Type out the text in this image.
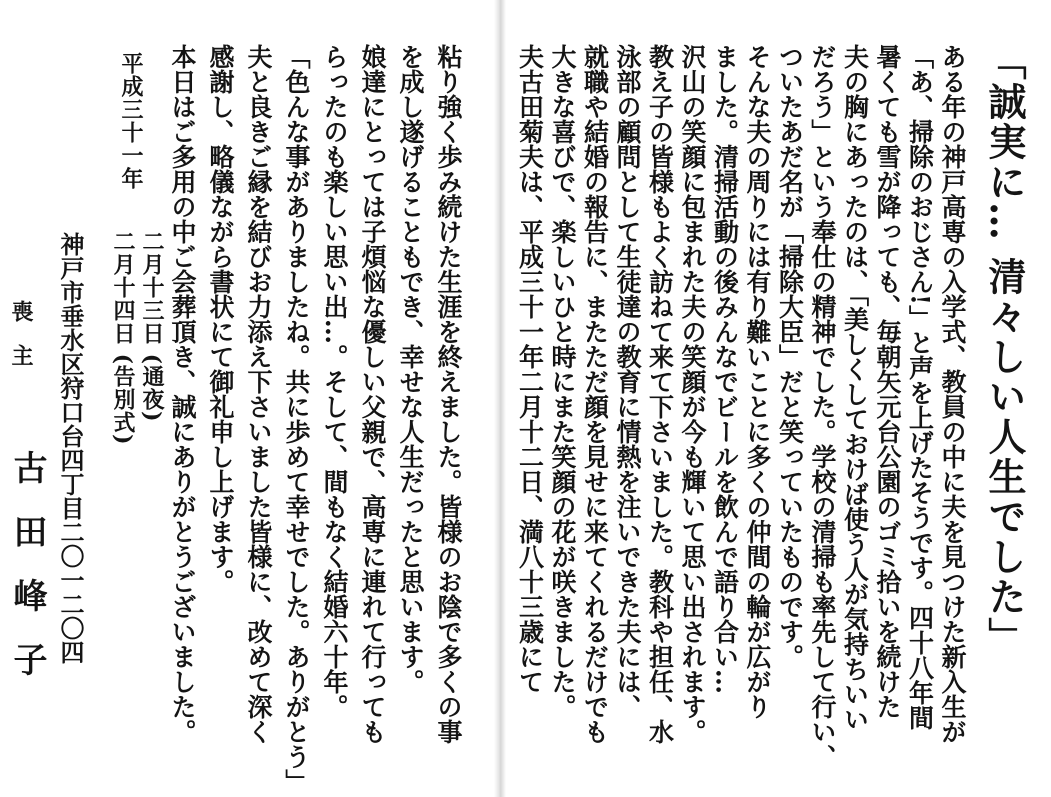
「誠実に… 清々しい人生でした」
粘り強く歩み続けた生涯を終えました。皆様のお陰で多くの事
を成し遂げることもでき、幸せな人生だったと思います。
娘達にとっては子煩悩な優しい父親で、高専に連れて行っても
らったのも楽しい思い出…。そして、間もなく結婚六十年。
「色んな事がありましたね。共に歩めて幸せでした。ありがとう」
夫と良きご縁を結びお力添え下さいました皆様に、改めて深く
感謝し、略儀ながら書状にて御礼申し上げます。
本日はご多用の中ご会葬頂き、誠にありがとうございました。	ある年の神戸高専の入学式、教員の中に夫を見つけた新入生が
「あ、掃除のおじさん!」と声を上げたそうです。四十八年間
暑くても雪が降っても、毎朝矢元台公園のゴミ拾いを続けた
夫の胸にあったのは、「美しくしておけば使う人が気持ちいい
だろう」という奉仕の精神でした。学校の清掃も率先して行い、
ついたあだ名が「掃除大臣」だと笑っていたものです。
そんな夫の周りには有り難いことに多くの仲間の輪が広がり
ました。清掃活動の後みんなでビールを飲んで語り合い…
沢山の笑顔に包まれた夫の笑顔が今も輝いて思い出されます。
教え子の皆様もよく訪ねて来て下さいました。教科や担任、水
泳部の顧問として生徒達の教育に情熱を注いできた夫には、
就職や結婚の報告に、またただ顔を見せに来てくれるだけでも
大きな喜びで、楽しいひと時にまた笑顔の花が咲きました。
夫古田菊夫は、平成三十一年二月十二日、満八十三歳にて
平成三十一年
二月十三日 (通夜)
二月十四日 (告別式)
神戸市垂水区狩口台四丁目二〇一二〇四
喪主
古田峰子
